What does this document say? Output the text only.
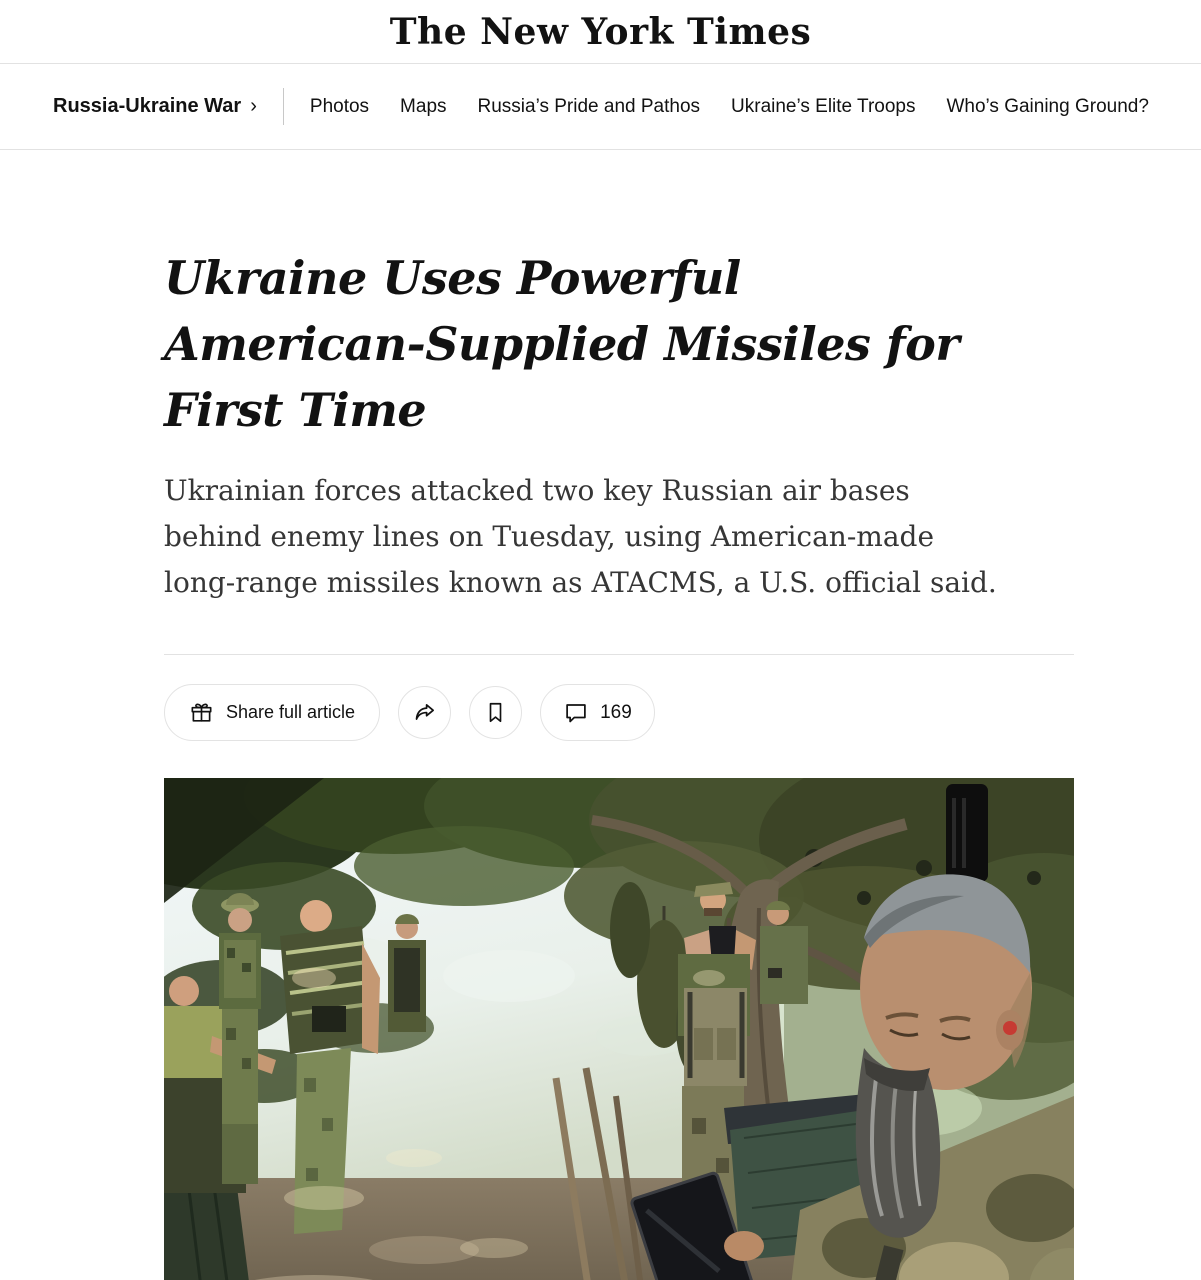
The New York Times
Russia-Ukraine War ›	Photos Maps Russia’s Pride and Pathos Ukraine’s Elite Troops Who’s Gaining Ground?
Ukraine Uses Powerful American-Supplied Missiles for First Time

Ukrainian forces attacked two key Russian air bases behind enemy lines on Tuesday, using American-made long-range missiles known as ATACMS, a U.S. official said.

Share full article	169
